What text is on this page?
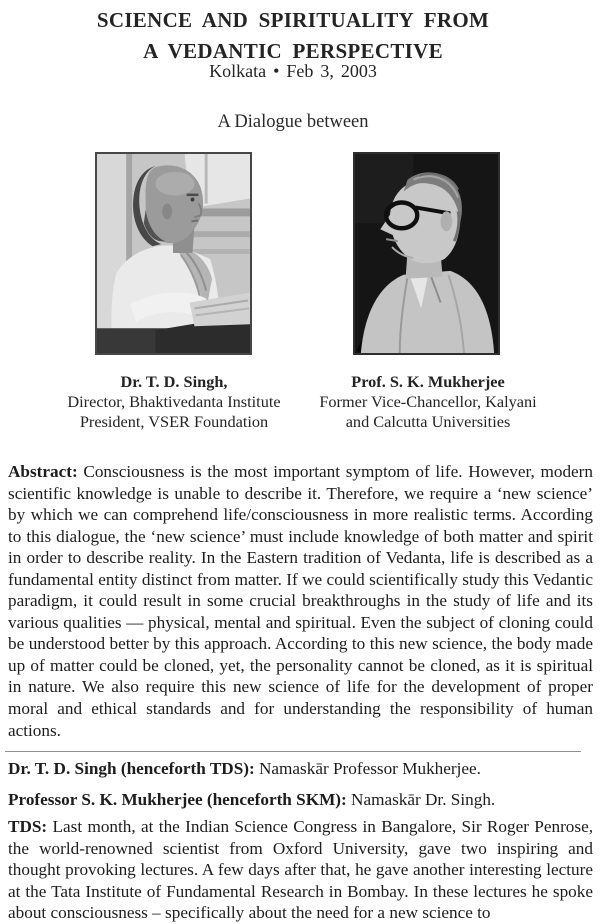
SCIENCE AND SPIRITUALITY FROM
A VEDANTIC PERSPECTIVE
Kolkata • Feb 3, 2003
A Dialogue between
Dr. T. D. Singh,
Director, Bhaktivedanta Institute
President, VSER Foundation
Prof. S. K. Mukherjee
Former Vice-Chancellor, Kalyani
and Calcutta Universities

Abstract: Consciousness is the most important symptom of life. However, modern scientific knowledge is unable to describe it. Therefore, we require a ‘new science’ by which we can comprehend life/consciousness in more realistic terms. According to this dialogue, the ‘new science’ must include knowledge of both matter and spirit in order to describe reality. In the Eastern tradition of Vedanta, life is described as a fundamental entity distinct from matter. If we could scientifically study this Vedantic paradigm, it could result in some crucial breakthroughs in the study of life and its various qualities — physical, mental and spiritual. Even the subject of cloning could be understood better by this approach. According to this new science, the body made up of matter could be cloned, yet, the personality cannot be cloned, as it is spiritual in nature. We also require this new science of life for the development of proper moral and ethical standards and for understanding the responsibility of human actions.

Dr. T. D. Singh (henceforth TDS): Namaskār Professor Mukherjee.

Professor S. K. Mukherjee (henceforth SKM): Namaskār Dr. Singh.

TDS: Last month, at the Indian Science Congress in Bangalore, Sir Roger Penrose, the world-renowned scientist from Oxford University, gave two inspiring and thought provoking lectures. A few days after that, he gave another interesting lecture at the Tata Institute of Fundamental Research in Bombay. In these lectures he spoke about consciousness – specifically about the need for a new science to
